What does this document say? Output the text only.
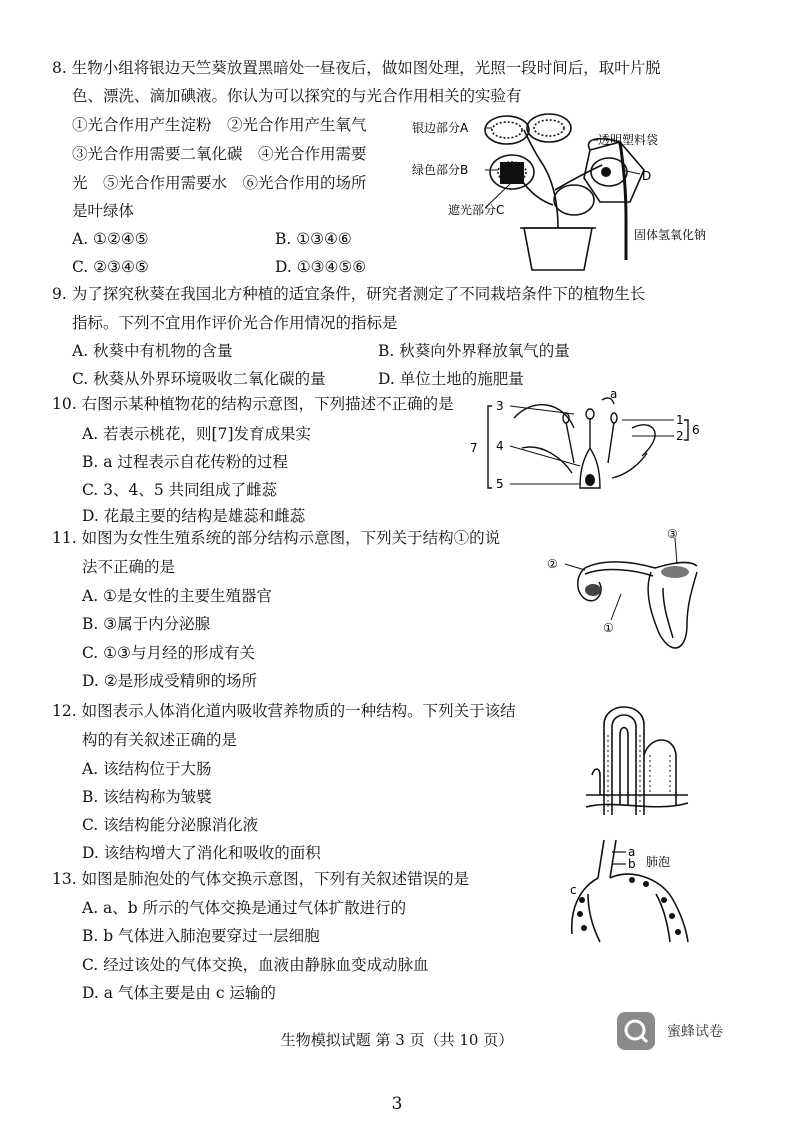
8. 生物小组将银边天竺葵放置黑暗处一昼夜后，做如图处理，光照一段时间后，取叶片脱
色、漂洗、滴加碘液。你认为可以探究的与光合作用相关的实验有
①光合作用产生淀粉　②光合作用产生氧气
③光合作用需要二氧化碳　④光合作用需要
光　⑤光合作用需要水　⑥光合作用的场所
是叶绿体
A. ①②④⑤	B. ①③④⑥
C. ②③④⑤	D. ①③④⑤⑥
银边部分A
绿色部分B
遮光部分C
透明塑料袋
D
固体氢氧化钠
9. 为了探究秋葵在我国北方种植的适宜条件，研究者测定了不同栽培条件下的植物生长
指标。下列不宜用作评价光合作用情况的指标是
A. 秋葵中有机物的含量	B. 秋葵向外界释放氧气的量
C. 秋葵从外界环境吸收二氧化碳的量	D. 单位土地的施肥量
10. 右图示某种植物花的结构示意图，下列描述不正确的是
A. 若表示桃花，则[7]发育成果实
B. a 过程表示自花传粉的过程
C. 3、4、5 共同组成了雌蕊
D. 花最主要的结构是雄蕊和雌蕊
3
4
5
7
1
2 6
a
11. 如图为女性生殖系统的部分结构示意图，下列关于结构①的说
法不正确的是
A. ①是女性的主要生殖器官
B. ③属于内分泌腺
C. ①③与月经的形成有关
D. ②是形成受精卵的场所
②
①
③
12. 如图表示人体消化道内吸收营养物质的一种结构。下列关于该结
构的有关叙述正确的是
A. 该结构位于大肠
B. 该结构称为皱襞
C. 该结构能分泌腺消化液
D. 该结构增大了消化和吸收的面积
13. 如图是肺泡处的气体交换示意图，下列有关叙述错误的是
A. a、b 所示的气体交换是通过气体扩散进行的
B. b 气体进入肺泡要穿过一层细胞
C. 经过该处的气体交换，血液由静脉血变成动脉血
D. a 气体主要是由 c 运输的
a
b
c
肺泡
生物模拟试题 第 3 页（共 10 页）	蜜蜂试卷
3
